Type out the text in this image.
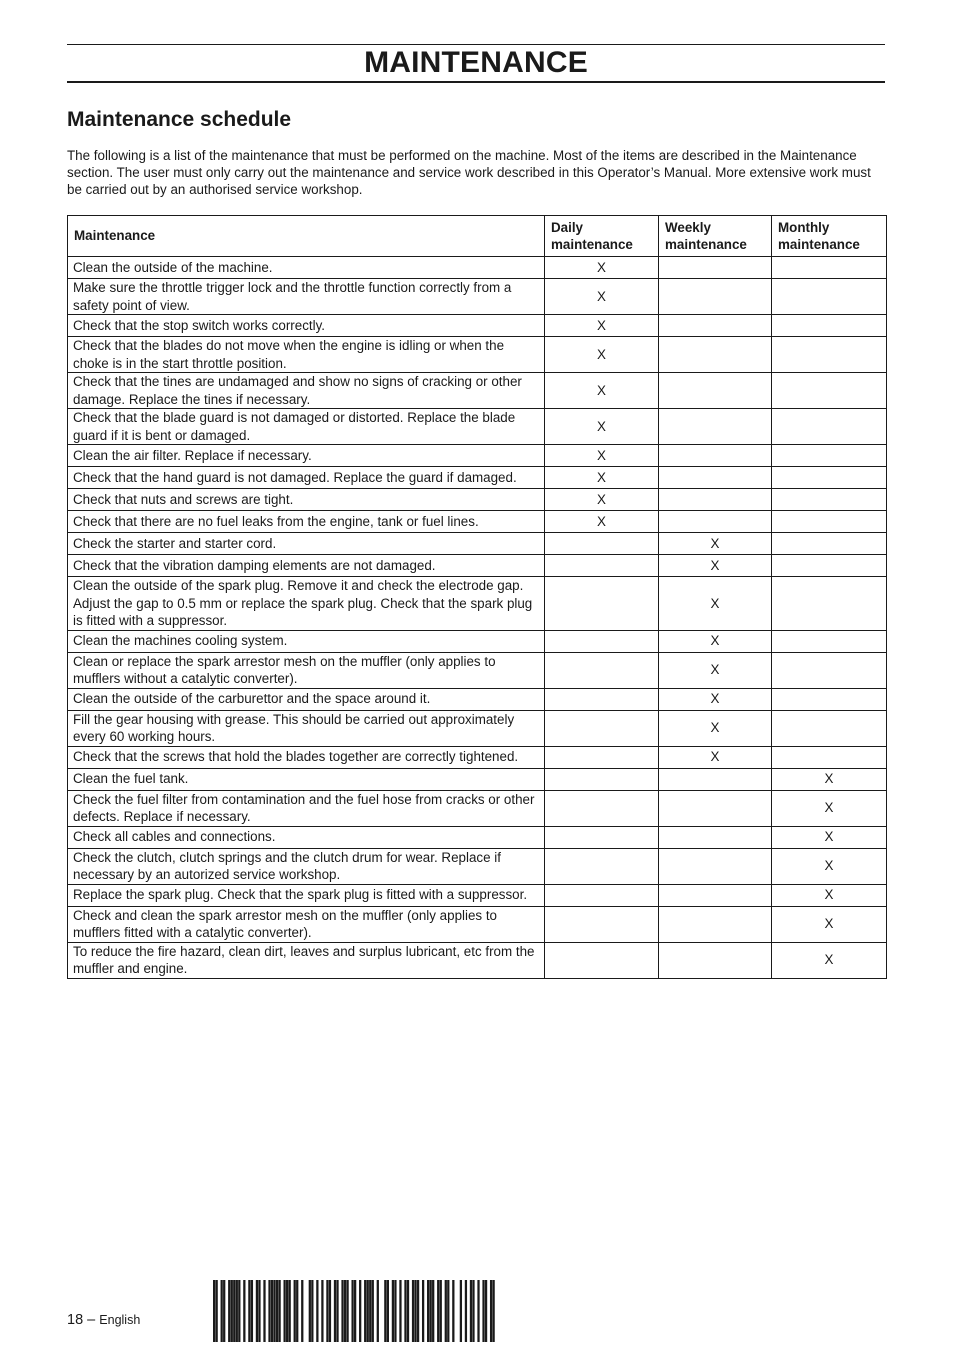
MAINTENANCE
Maintenance schedule

The following is a list of the maintenance that must be performed on the machine. Most of the items are described in the Maintenance section. The user must only carry out the maintenance and service work described in this Operator’s Manual. More extensive work must be carried out by an authorised service workshop.

Maintenance	Daily maintenance	Weekly maintenance	Monthly maintenance
Clean the outside of the machine.	X		
Make sure the throttle trigger lock and the throttle function correctly from a safety point of view.	X		
Check that the stop switch works correctly.	X		
Check that the blades do not move when the engine is idling or when the choke is in the start throttle position.	X		
Check that the tines are undamaged and show no signs of cracking or other damage. Replace the tines if necessary.	X		
Check that the blade guard is not damaged or distorted. Replace the blade guard if it is bent or damaged.	X		
Clean the air filter. Replace if necessary.	X		
Check that the hand guard is not damaged. Replace the guard if damaged.	X		
Check that nuts and screws are tight.	X		
Check that there are no fuel leaks from the engine, tank or fuel lines.	X		
Check the starter and starter cord.		X	
Check that the vibration damping elements are not damaged.		X	
Clean the outside of the spark plug. Remove it and check the electrode gap. Adjust the gap to 0.5 mm or replace the spark plug. Check that the spark plug is fitted with a suppressor.		X	
Clean the machines cooling system.		X	
Clean or replace the spark arrestor mesh on the muffler (only applies to mufflers without a catalytic converter).		X	
Clean the outside of the carburettor and the space around it.		X	
Fill the gear housing with grease. This should be carried out approximately every 60 working hours.		X	
Check that the screws that hold the blades together are correctly tightened.		X	
Clean the fuel tank.			X
Check the fuel filter from contamination and the fuel hose from cracks or other defects. Replace if necessary.			X
Check all cables and connections.			X
Check the clutch, clutch springs and the clutch drum for wear. Replace if necessary by an autorized service workshop.			X
Replace the spark plug. Check that the spark plug is fitted with a suppressor.			X
Check and clean the spark arrestor mesh on the muffler (only applies to mufflers fitted with a catalytic converter).			X
To reduce the fire hazard, clean dirt, leaves and surplus lubricant, etc from the muffler and engine.			X
18 – English
